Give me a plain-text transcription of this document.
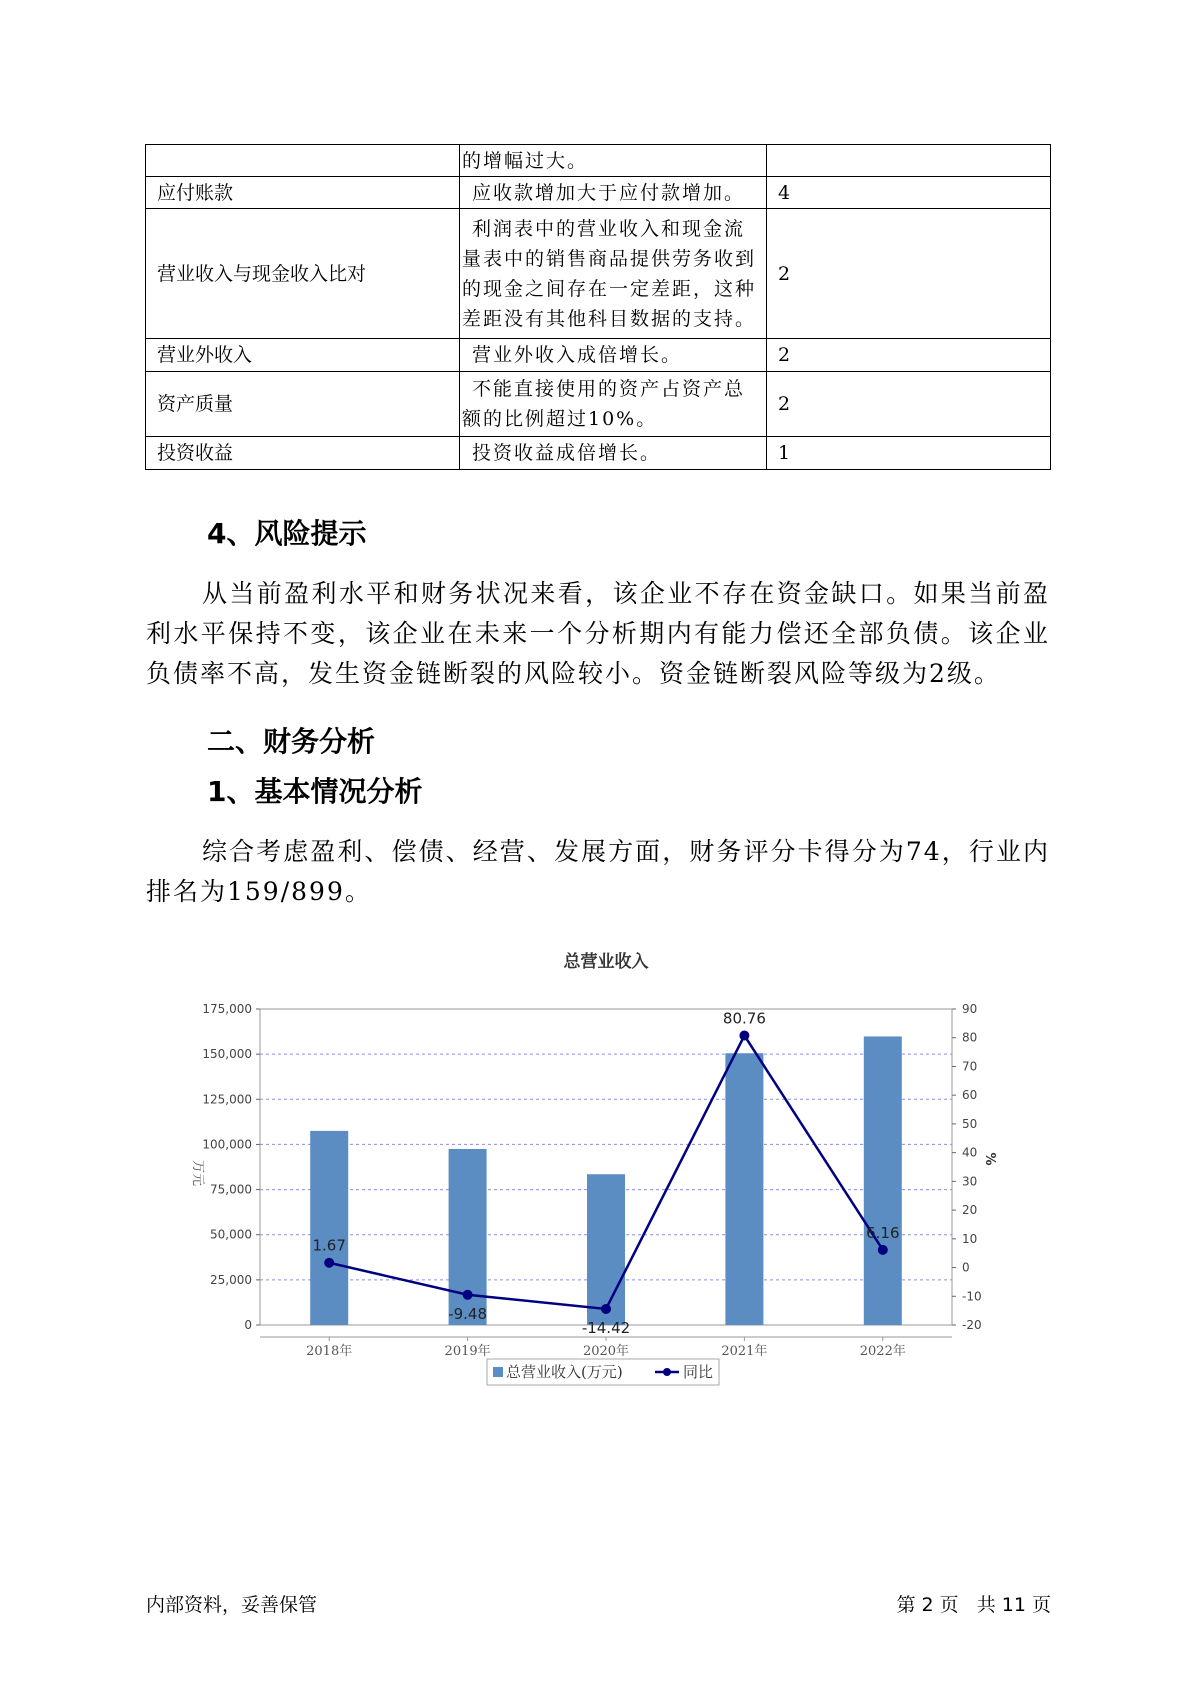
	的增幅过大。	
应付账款	应收款增加大于应付款增加。	4
营业收入与现金收入比对	利润表中的营业收入和现金流量表中的销售商品提供劳务收到的现金之间存在一定差距，这种差距没有其他科目数据的支持。	2
营业外收入	营业外收入成倍增长。	2
资产质量	不能直接使用的资产占资产总额的比例超过10%。	2
投资收益	投资收益成倍增长。	1
4、风险提示

从当前盈利水平和财务状况来看，该企业不存在资金缺口。如果当前盈利水平保持不变，该企业在未来一个分析期内有能力偿还全部负债。该企业负债率不高，发生资金链断裂的风险较小。资金链断裂风险等级为2级。

二、财务分析
1、基本情况分析

综合考虑盈利、偿债、经营、发展方面，财务评分卡得分为74，行业内排名为159/899。

总营业收入
175,000
150,000
125,000
100,000
75,000
50,000
25,000
0
90
80
70
60
50
40
30
20
10
0
-10
-20
万元
%
2018年	2019年	2020年	2021年	2022年
1.67
-9.48
-14.42
80.76
6.16
总营业收入(万元)	同比
内部资料，妥善保管	第 2 页   共 11 页
